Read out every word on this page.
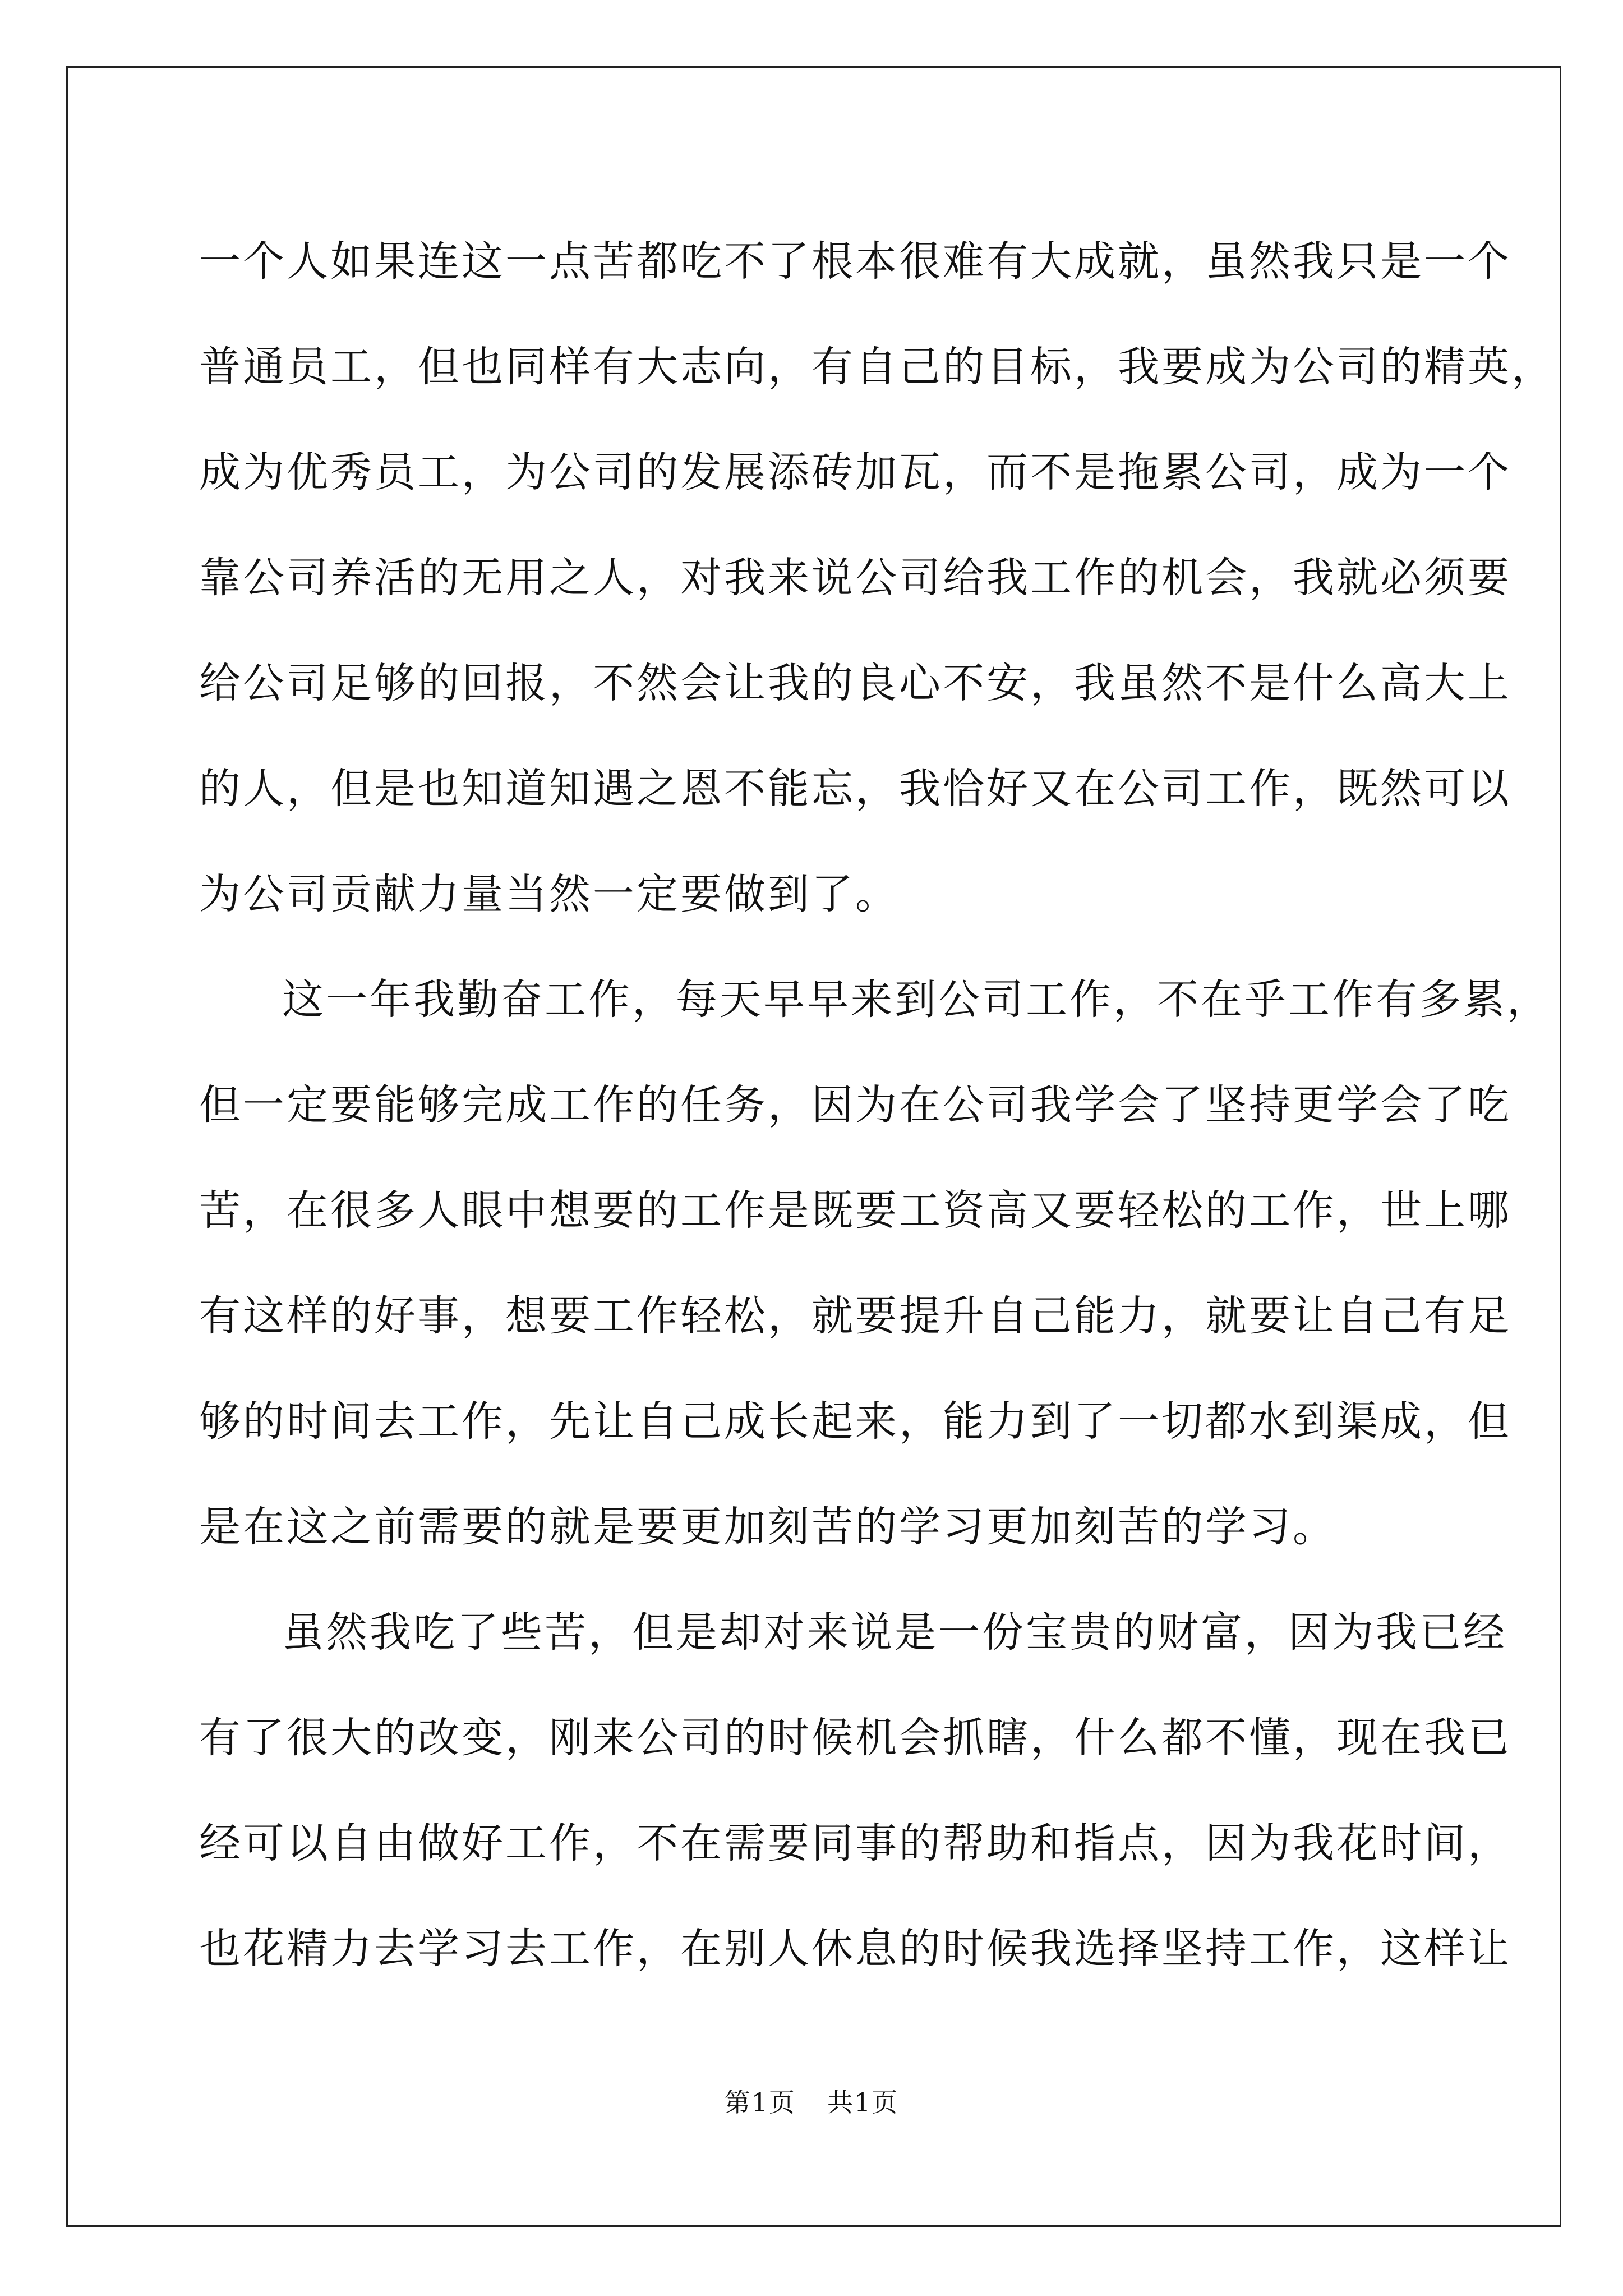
一个人如果连这一点苦都吃不了根本很难有大成就，虽然我只是一个
普通员工，但也同样有大志向，有自己的目标，我要成为公司的精英，
成为优秀员工，为公司的发展添砖加瓦，而不是拖累公司，成为一个
靠公司养活的无用之人，对我来说公司给我工作的机会，我就必须要
给公司足够的回报，不然会让我的良心不安，我虽然不是什么高大上
的人，但是也知道知遇之恩不能忘，我恰好又在公司工作，既然可以
为公司贡献力量当然一定要做到了。
这一年我勤奋工作，每天早早来到公司工作，不在乎工作有多累，
但一定要能够完成工作的任务，因为在公司我学会了坚持更学会了吃
苦，在很多人眼中想要的工作是既要工资高又要轻松的工作，世上哪
有这样的好事，想要工作轻松，就要提升自己能力，就要让自己有足
够的时间去工作，先让自己成长起来，能力到了一切都水到渠成，但
是在这之前需要的就是要更加刻苦的学习更加刻苦的学习。
虽然我吃了些苦，但是却对来说是一份宝贵的财富，因为我已经
有了很大的改变，刚来公司的时候机会抓瞎，什么都不懂，现在我已
经可以自由做好工作，不在需要同事的帮助和指点，因为我花时间，
也花精力去学习去工作，在别人休息的时候我选择坚持工作，这样让
第1页 共1页
